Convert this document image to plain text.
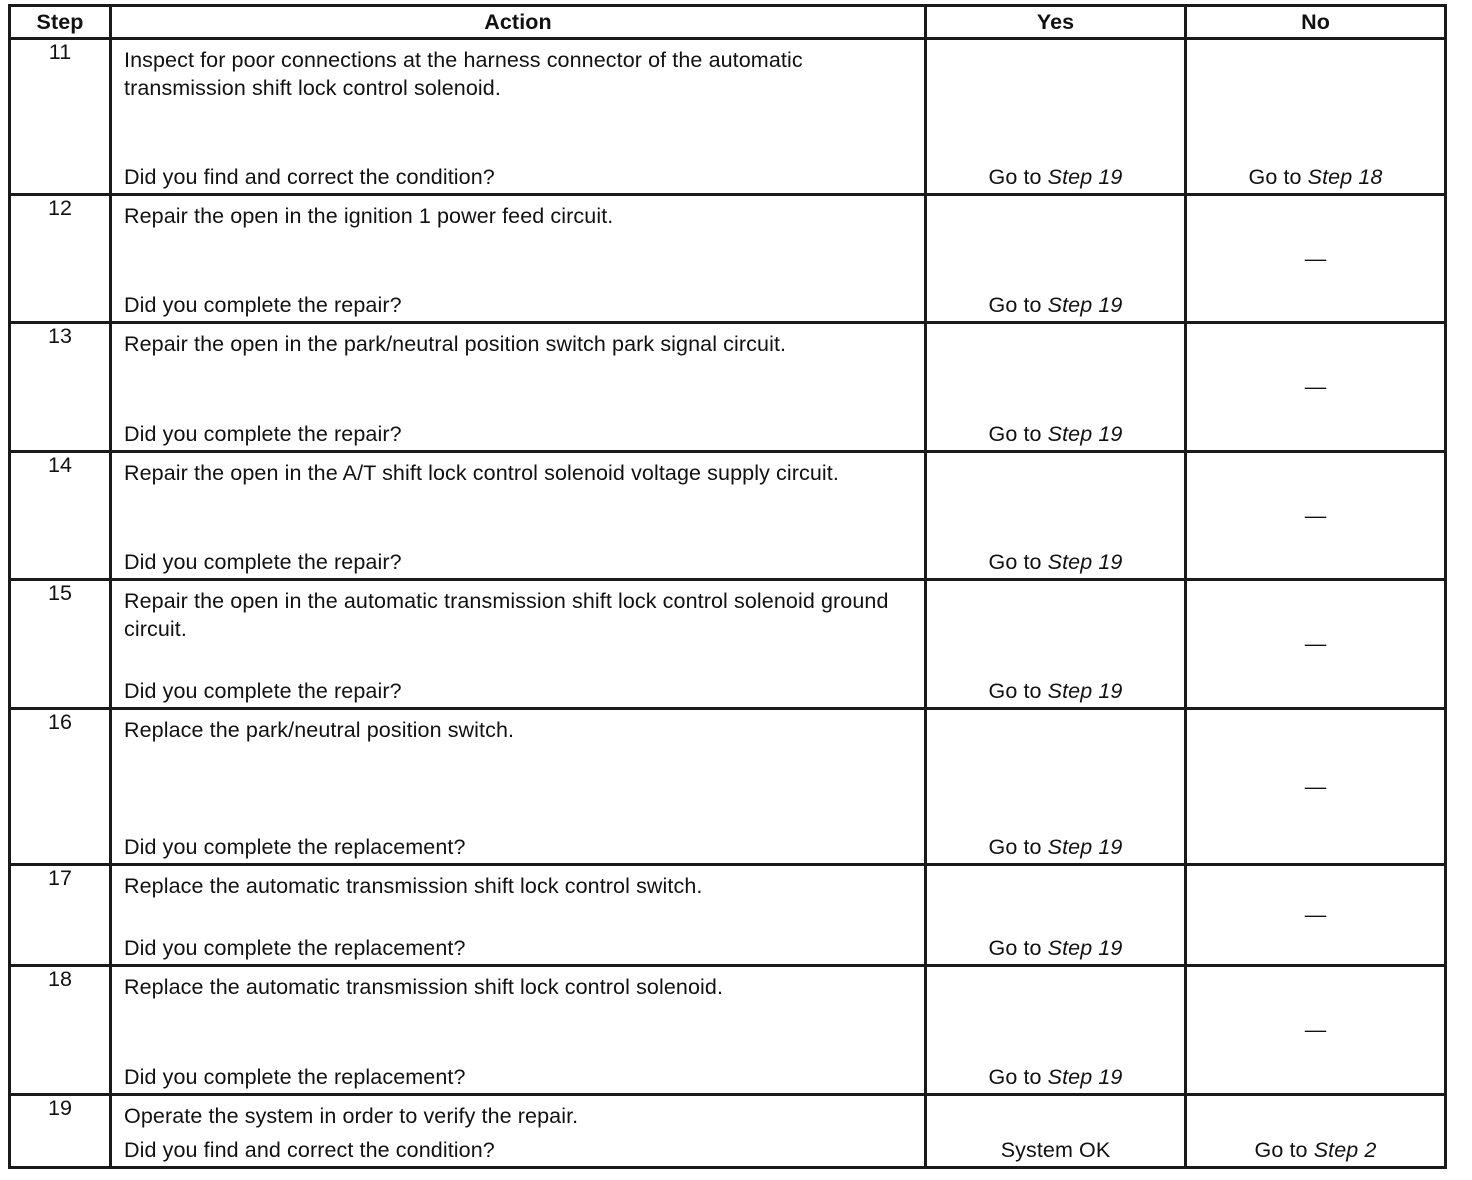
Step	Action	Yes	No
11	Inspect for poor connections at the harness connector of the automatic transmission shift lock control solenoid.
Did you find and correct the condition?	Go to Step 19	Go to Step 18

12	Repair the open in the ignition 1 power feed circuit.
Did you complete the repair?	Go to Step 19	—

13	Repair the open in the park/neutral position switch park signal circuit.
Did you complete the repair?	Go to Step 19	—

14	Repair the open in the A/T shift lock control solenoid voltage supply circuit.
Did you complete the repair?	Go to Step 19	—

15	Repair the open in the automatic transmission shift lock control solenoid ground circuit.
Did you complete the repair?	Go to Step 19	—

16	Replace the park/neutral position switch.
Did you complete the replacement?	Go to Step 19	—

17	Replace the automatic transmission shift lock control switch.
Did you complete the replacement?	Go to Step 19	—

18	Replace the automatic transmission shift lock control solenoid.
Did you complete the replacement?	Go to Step 19	—

19	Operate the system in order to verify the repair.
Did you find and correct the condition?	System OK	Go to Step 2
